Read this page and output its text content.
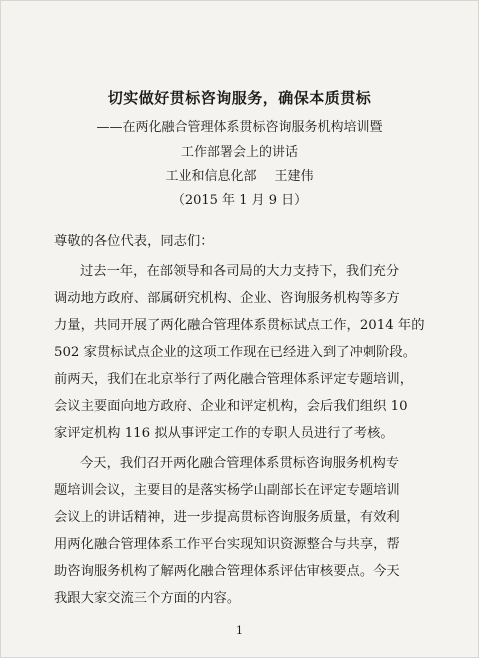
切实做好贯标咨询服务，确保本质贯标
——在两化融合管理体系贯标咨询服务机构培训暨
工作部署会上的讲话
工业和信息化部 王建伟
（2015 年 1 月 9 日）
尊敬的各位代表，同志们：
过去一年，在部领导和各司局的大力支持下，我们充分
调动地方政府、部属研究机构、企业、咨询服务机构等多方
力量，共同开展了两化融合管理体系贯标试点工作，2014 年的
502 家贯标试点企业的这项工作现在已经进入到了冲刺阶段。
前两天，我们在北京举行了两化融合管理体系评定专题培训，
会议主要面向地方政府、企业和评定机构，会后我们组织 10
家评定机构 116 拟从事评定工作的专职人员进行了考核。
今天，我们召开两化融合管理体系贯标咨询服务机构专
题培训会议，主要目的是落实杨学山副部长在评定专题培训
会议上的讲话精神，进一步提高贯标咨询服务质量，有效利
用两化融合管理体系工作平台实现知识资源整合与共享，帮
助咨询服务机构了解两化融合管理体系评估审核要点。今天
我跟大家交流三个方面的内容。
1
